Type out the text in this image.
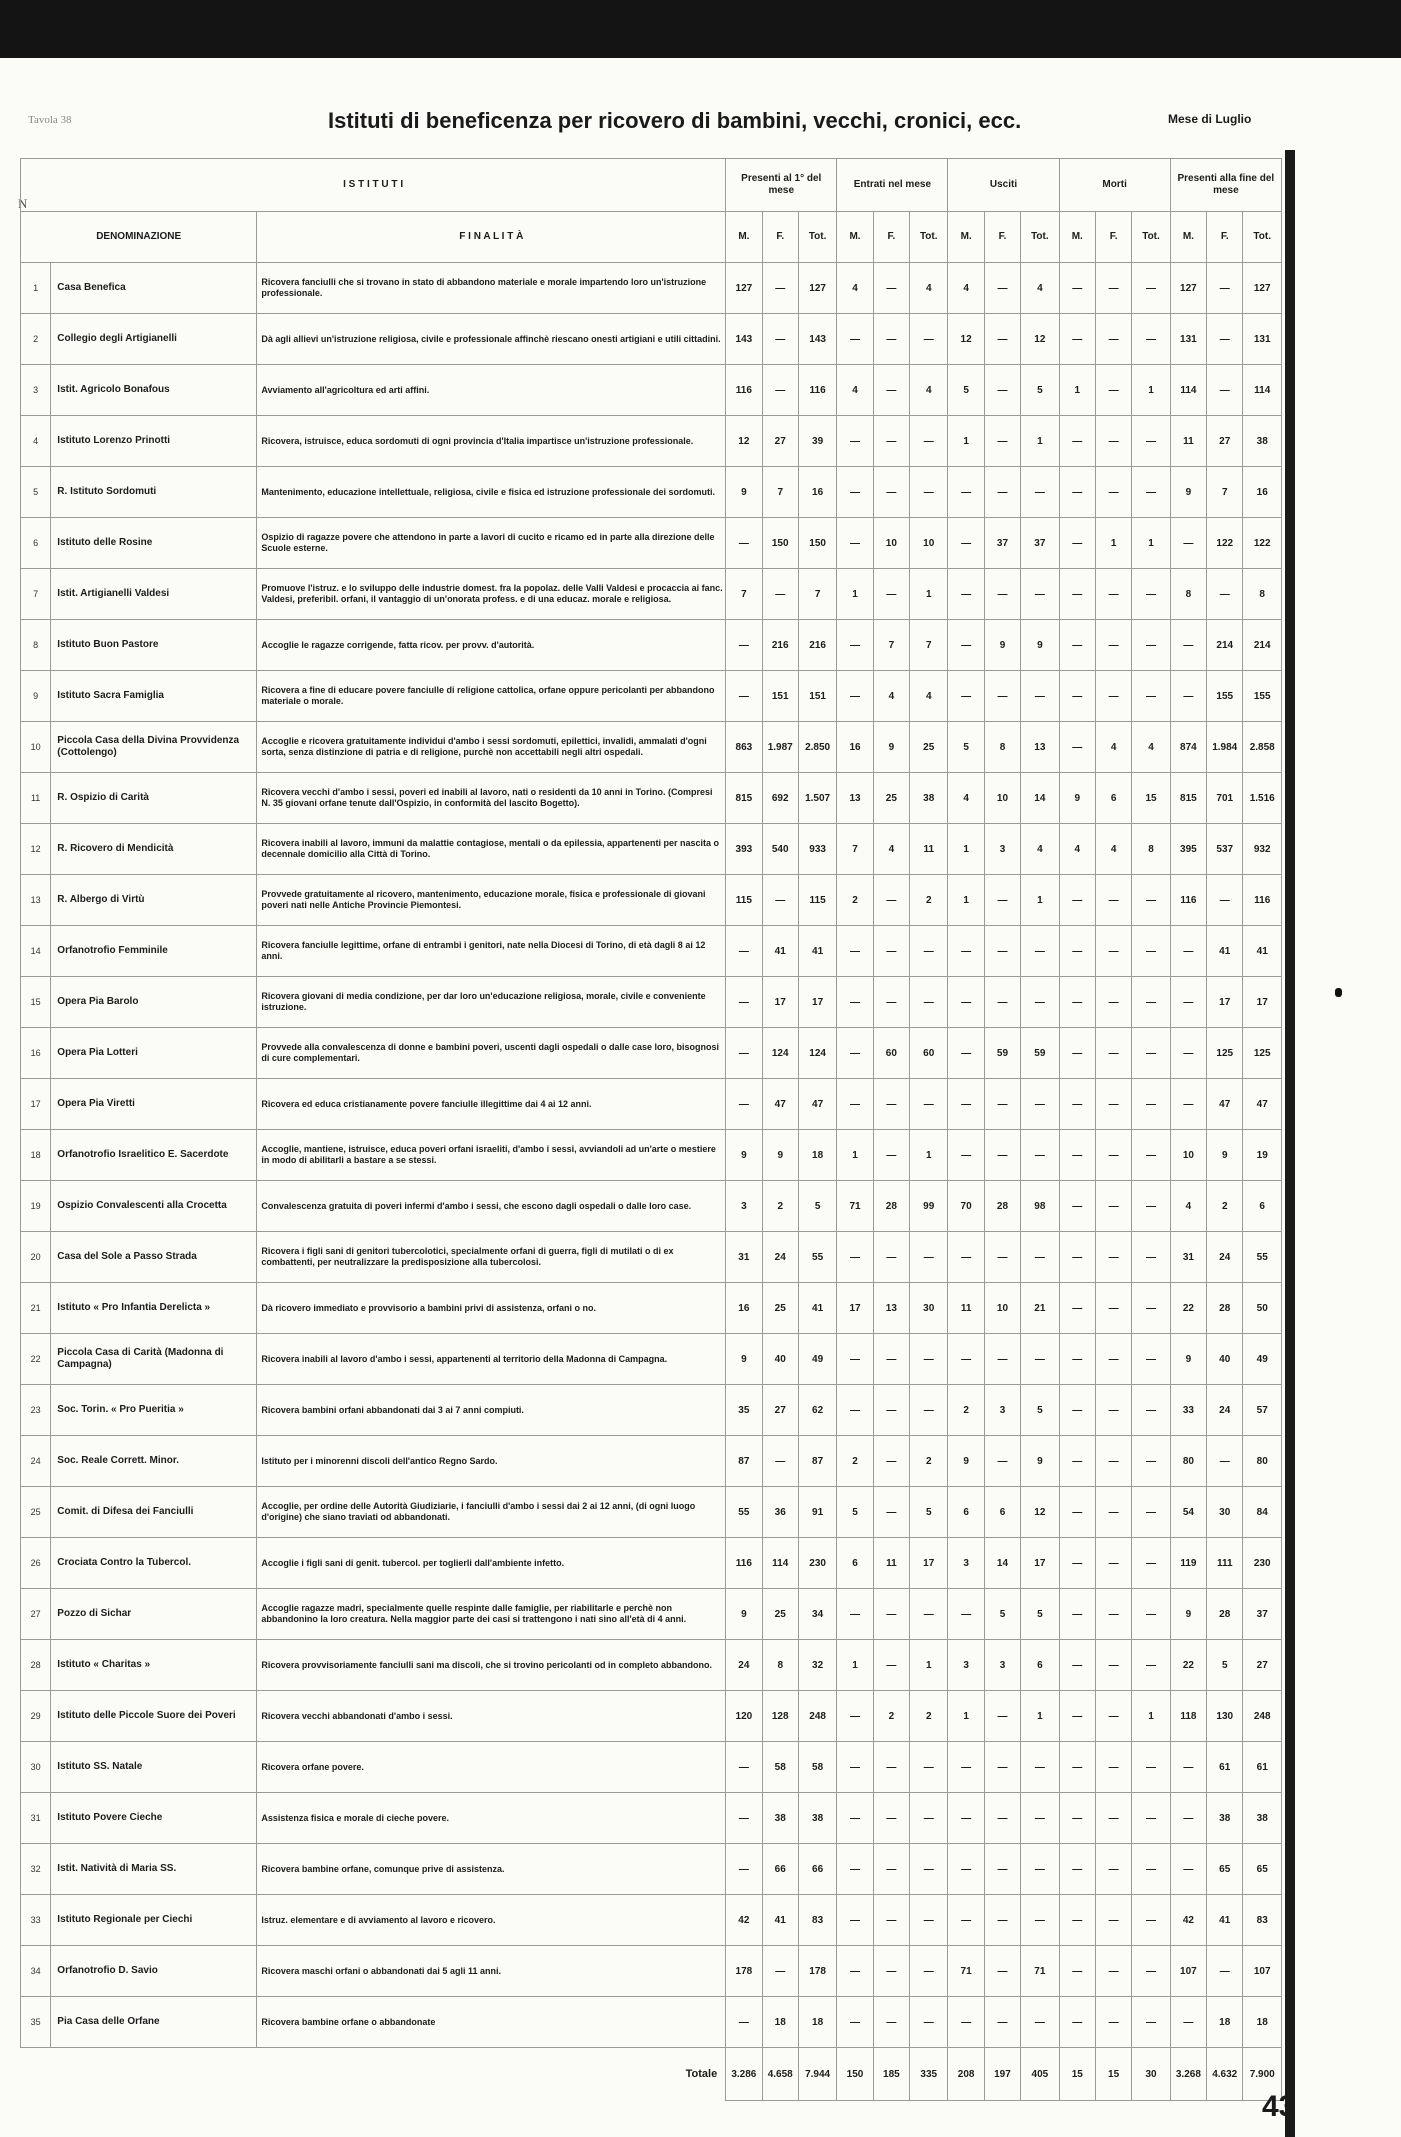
Tavola 38	Istituti di beneficenza per ricovero di bambini, vecchi, cronici, ecc.	Mese di Luglio
N
I S T I T U T I			Presenti al 1° del mese			Entrati nel mese			Usciti			Morti			Presenti alla fine del mese		
DENOMINAZIONE		F I N A L I T À	M.	F.	Tot.	M.	F.	Tot.	M.	F.	Tot.	M.	F.	Tot.	M.	F.	Tot.
1	Casa Benefica	Ricovera fanciulli che si trovano in stato di abbandono materiale e morale impartendo loro un'istruzione professionale.	127	—	127	4	—	4	4	—	4	—	—	—	127	—	127
2	Collegio degli Artigianelli	Dà agli allievi un'istruzione religiosa, civile e professionale affinchè riescano onesti artigiani e utili cittadini.	143	—	143	—	—	—	12	—	12	—	—	—	131	—	131
3	Istit. Agricolo Bonafous	Avviamento all'agricoltura ed arti affini.	116	—	116	4	—	4	5	—	5	1	—	1	114	—	114
4	Istituto Lorenzo Prinotti	Ricovera, istruisce, educa sordomuti di ogni provincia d'Italia impartisce un'istruzione professionale.	12	27	39	—	—	—	1	—	1	—	—	—	11	27	38
5	R. Istituto Sordomuti	Mantenimento, educazione intellettuale, religiosa, civile e fisica ed istruzione professionale dei sordomuti.	9	7	16	—	—	—	—	—	—	—	—	—	9	7	16
6	Istituto delle Rosine	Ospizio di ragazze povere che attendono in parte a lavori di cucito e ricamo ed in parte alla direzione delle Scuole esterne.	—	150	150	—	10	10	—	37	37	—	1	1	—	122	122
7	Istit. Artigianelli Valdesi	Promuove l'istruz. e lo sviluppo delle industrie domest. fra la popolaz. delle Valli Valdesi e procaccia ai fanc. Valdesi, preferibil. orfani, il vantaggio di un'onorata profess. e di una educaz. morale e religiosa.	7	—	7	1	—	1	—	—	—	—	—	—	8	—	8
8	Istituto Buon Pastore	Accoglie le ragazze corrigende, fatta ricov. per provv. d'autorità.	—	216	216	—	7	7	—	9	9	—	—	—	—	214	214
9	Istituto Sacra Famiglia	Ricovera a fine di educare povere fanciulle di religione cattolica, orfane oppure pericolanti per abbandono materiale o morale.	—	151	151	—	4	4	—	—	—	—	—	—	—	155	155
10	Piccola Casa della Divina Provvidenza (Cottolengo)	Accoglie e ricovera gratuitamente individui d'ambo i sessi sordomuti, epilettici, invalidi, ammalati d'ogni sorta, senza distinzione di patria e di religione, purchè non accettabili negli altri ospedali.	863	1.987	2.850	16	9	25	5	8	13	—	4	4	874	1.984	2.858
11	R. Ospizio di Carità	Ricovera vecchi d'ambo i sessi, poveri ed inabili al lavoro, nati o residenti da 10 anni in Torino. (Compresi N. 35 giovani orfane tenute dall'Ospizio, in conformità del lascito Bogetto).	815	692	1.507	13	25	38	4	10	14	9	6	15	815	701	1.516
12	R. Ricovero di Mendicità	Ricovera inabili al lavoro, immuni da malattie contagiose, mentali o da epilessia, appartenenti per nascita o decennale domicilio alla Città di Torino.	393	540	933	7	4	11	1	3	4	4	4	8	395	537	932
13	R. Albergo di Virtù	Provvede gratuitamente al ricovero, mantenimento, educazione morale, fisica e professionale di giovani poveri nati nelle Antiche Provincie Piemontesi.	115	—	115	2	—	2	1	—	1	—	—	—	116	—	116
14	Orfanotrofio Femminile	Ricovera fanciulle legittime, orfane di entrambi i genitori, nate nella Diocesi di Torino, di età dagli 8 ai 12 anni.	—	41	41	—	—	—	—	—	—	—	—	—	—	41	41
15	Opera Pia Barolo	Ricovera giovani di media condizione, per dar loro un'educazione religiosa, morale, civile e conveniente istruzione.	—	17	17	—	—	—	—	—	—	—	—	—	—	17	17
16	Opera Pia Lotteri	Provvede alla convalescenza di donne e bambini poveri, uscenti dagli ospedali o dalle case loro, bisognosi di cure complementari.	—	124	124	—	60	60	—	59	59	—	—	—	—	125	125
17	Opera Pia Viretti	Ricovera ed educa cristianamente povere fanciulle illegittime dai 4 ai 12 anni.	—	47	47	—	—	—	—	—	—	—	—	—	—	47	47
18	Orfanotrofio Israelitico E. Sacerdote	Accoglie, mantiene, istruisce, educa poveri orfani israeliti, d'ambo i sessi, avviandoli ad un'arte o mestiere in modo di abilitarli a bastare a se stessi.	9	9	18	1	—	1	—	—	—	—	—	—	10	9	19
19	Ospizio Convalescenti alla Crocetta	Convalescenza gratuita di poveri infermi d'ambo i sessi, che escono dagli ospedali o dalle loro case.	3	2	5	71	28	99	70	28	98	—	—	—	4	2	6
20	Casa del Sole a Passo Strada	Ricovera i figli sani di genitori tubercolotici, specialmente orfani di guerra, figli di mutilati o di ex combattenti, per neutralizzare la predisposizione alla tubercolosi.	31	24	55	—	—	—	—	—	—	—	—	—	31	24	55
21	Istituto « Pro Infantia Derelicta »	Dà ricovero immediato e provvisorio a bambini privi di assistenza, orfani o no.	16	25	41	17	13	30	11	10	21	—	—	—	22	28	50
22	Piccola Casa di Carità (Madonna di Campagna)	Ricovera inabili al lavoro d'ambo i sessi, appartenenti al territorio della Madonna di Campagna.	9	40	49	—	—	—	—	—	—	—	—	—	9	40	49
23	Soc. Torin. « Pro Pueritia »	Ricovera bambini orfani abbandonati dai 3 ai 7 anni compiuti.	35	27	62	—	—	—	2	3	5	—	—	—	33	24	57
24	Soc. Reale Corrett. Minor.	Istituto per i minorenni discoli dell'antico Regno Sardo.	87	—	87	2	—	2	9	—	9	—	—	—	80	—	80
25	Comit. di Difesa dei Fanciulli	Accoglie, per ordine delle Autorità Giudiziarie, i fanciulli d'ambo i sessi dai 2 ai 12 anni, (di ogni luogo d'origine) che siano traviati od abbandonati.	55	36	91	5	—	5	6	6	12	—	—	—	54	30	84
26	Crociata Contro la Tubercol.	Accoglie i figli sani di genit. tubercol. per toglierli dall'ambiente infetto.	116	114	230	6	11	17	3	14	17	—	—	—	119	111	230
27	Pozzo di Sichar	Accoglie ragazze madri, specialmente quelle respinte dalle famiglie, per riabilitarle e perchè non abbandonino la loro creatura. Nella maggior parte dei casi si trattengono i nati sino all'età di 4 anni.	9	25	34	—	—	—	—	5	5	—	—	—	9	28	37
28	Istituto « Charitas »	Ricovera provvisoriamente fanciulli sani ma discoli, che si trovino pericolanti od in completo abbandono.	24	8	32	1	—	1	3	3	6	—	—	—	22	5	27
29	Istituto delle Piccole Suore dei Poveri	Ricovera vecchi abbandonati d'ambo i sessi.	120	128	248	—	2	2	1	—	1	—	—	1	118	130	248
30	Istituto SS. Natale	Ricovera orfane povere.	—	58	58	—	—	—	—	—	—	—	—	—	—	61	61
31	Istituto Povere Cieche	Assistenza fisica e morale di cieche povere.	—	38	38	—	—	—	—	—	—	—	—	—	—	38	38
32	Istit. Natività di Maria SS.	Ricovera bambine orfane, comunque prive di assistenza.	—	66	66	—	—	—	—	—	—	—	—	—	—	65	65
33	Istituto Regionale per Ciechi	Istruz. elementare e di avviamento al lavoro e ricovero.	42	41	83	—	—	—	—	—	—	—	—	—	42	41	83
34	Orfanotrofio D. Savio	Ricovera maschi orfani o abbandonati dai 5 agli 11 anni.	178	—	178	—	—	—	71	—	71	—	—	—	107	—	107
35	Pia Casa delle Orfane	Ricovera bambine orfane o abbandonate	—	18	18	—	—	—	—	—	—	—	—	—	—	18	18
		Totale	3.286	4.658	7.944	150	185	335	208	197	405	15	15	30	3.268	4.632	7.900
43
